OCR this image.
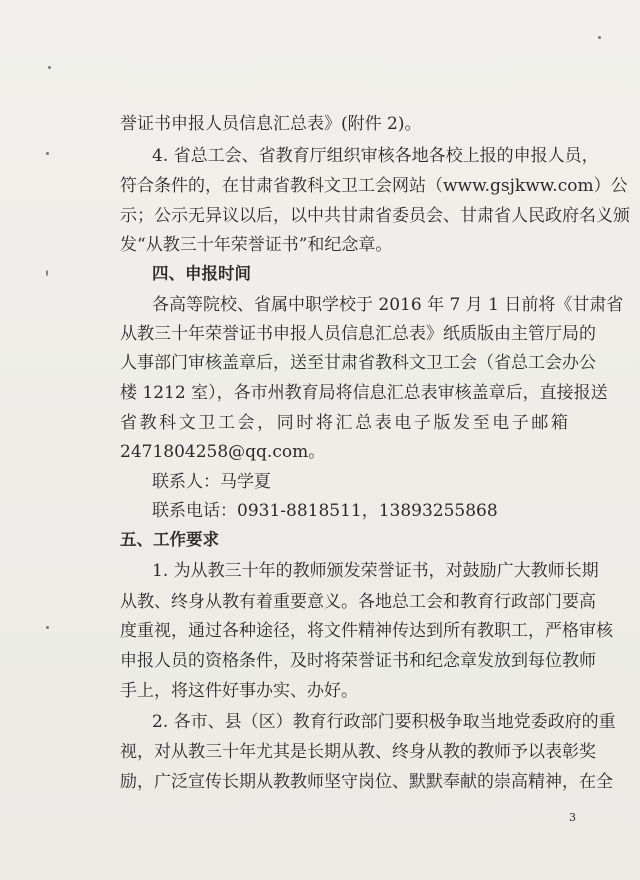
誉证书申报人员信息汇总表》(附件 2)。
4. 省总工会、省教育厅组织审核各地各校上报的申报人员，
符合条件的，在甘肃省教科文卫工会网站（www.gsjkww.com）公
示；公示无异议以后，以中共甘肃省委员会、甘肃省人民政府名义颁
发“从教三十年荣誉证书”和纪念章。
四、申报时间
各高等院校、省属中职学校于 2016 年 7 月 1 日前将《甘肃省
从教三十年荣誉证书申报人员信息汇总表》纸质版由主管厅局的
人事部门审核盖章后，送至甘肃省教科文卫工会（省总工会办公
楼 1212 室），各市州教育局将信息汇总表审核盖章后，直接报送
省教科文卫工会，同时将汇总表电子版发至电子邮箱
2471804258@qq.com。
联系人：马学夏
联系电话：0931-8818511，13893255868
五、工作要求
1. 为从教三十年的教师颁发荣誉证书，对鼓励广大教师长期
从教、终身从教有着重要意义。各地总工会和教育行政部门要高
度重视，通过各种途径，将文件精神传达到所有教职工，严格审核
申报人员的资格条件，及时将荣誉证书和纪念章发放到每位教师
手上，将这件好事办实、办好。
2. 各市、县（区）教育行政部门要积极争取当地党委政府的重
视，对从教三十年尤其是长期从教、终身从教的教师予以表彰奖
励，广泛宣传长期从教教师坚守岗位、默默奉献的崇高精神，在全
3
